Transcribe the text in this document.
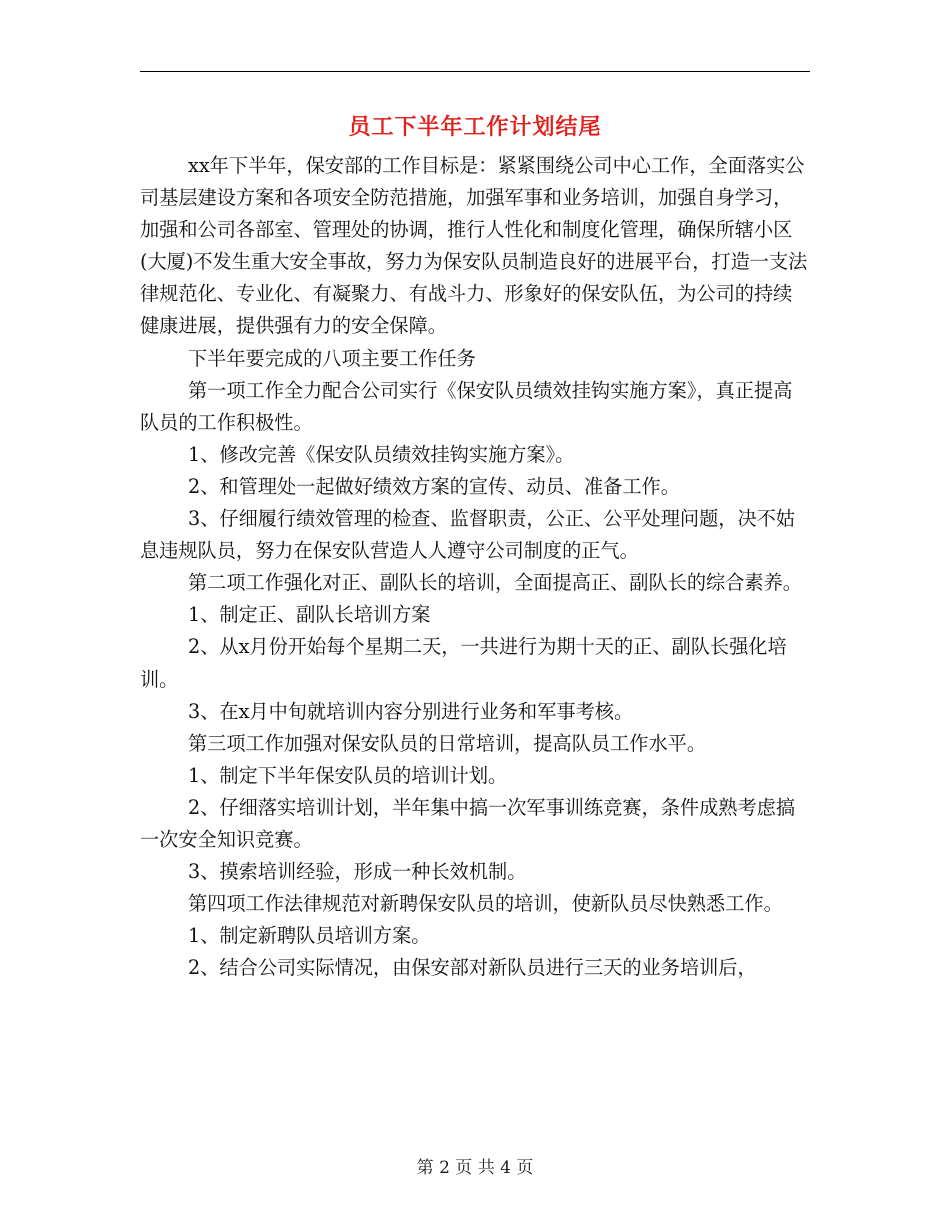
员工下半年工作计划结尾

xx年下半年，保安部的工作目标是：紧紧围绕公司中心工作，全面落实公司基层建设方案和各项安全防范措施，加强军事和业务培训，加强自身学习，加强和公司各部室、管理处的协调，推行人性化和制度化管理，确保所辖小区(大厦)不发生重大安全事故，努力为保安队员制造良好的进展平台，打造一支法律规范化、专业化、有凝聚力、有战斗力、形象好的保安队伍，为公司的持续健康进展，提供强有力的安全保障。

下半年要完成的八项主要工作任务

第一项工作全力配合公司实行《保安队员绩效挂钩实施方案》，真正提高队员的工作积极性。

1、修改完善《保安队员绩效挂钩实施方案》。

2、和管理处一起做好绩效方案的宣传、动员、准备工作。

3、仔细履行绩效管理的检查、监督职责，公正、公平处理问题，决不姑息违规队员，努力在保安队营造人人遵守公司制度的正气。

第二项工作强化对正、副队长的培训，全面提高正、副队长的综合素养。

1、制定正、副队长培训方案

2、从x月份开始每个星期二天，一共进行为期十天的正、副队长强化培训。

3、在x月中旬就培训内容分别进行业务和军事考核。

第三项工作加强对保安队员的日常培训，提高队员工作水平。

1、制定下半年保安队员的培训计划。

2、仔细落实培训计划，半年集中搞一次军事训练竞赛，条件成熟考虑搞一次安全知识竞赛。

3、摸索培训经验，形成一种长效机制。

第四项工作法律规范对新聘保安队员的培训，使新队员尽快熟悉工作。

1、制定新聘队员培训方案。

2、结合公司实际情况，由保安部对新队员进行三天的业务培训后，

第 2 页 共 4 页
